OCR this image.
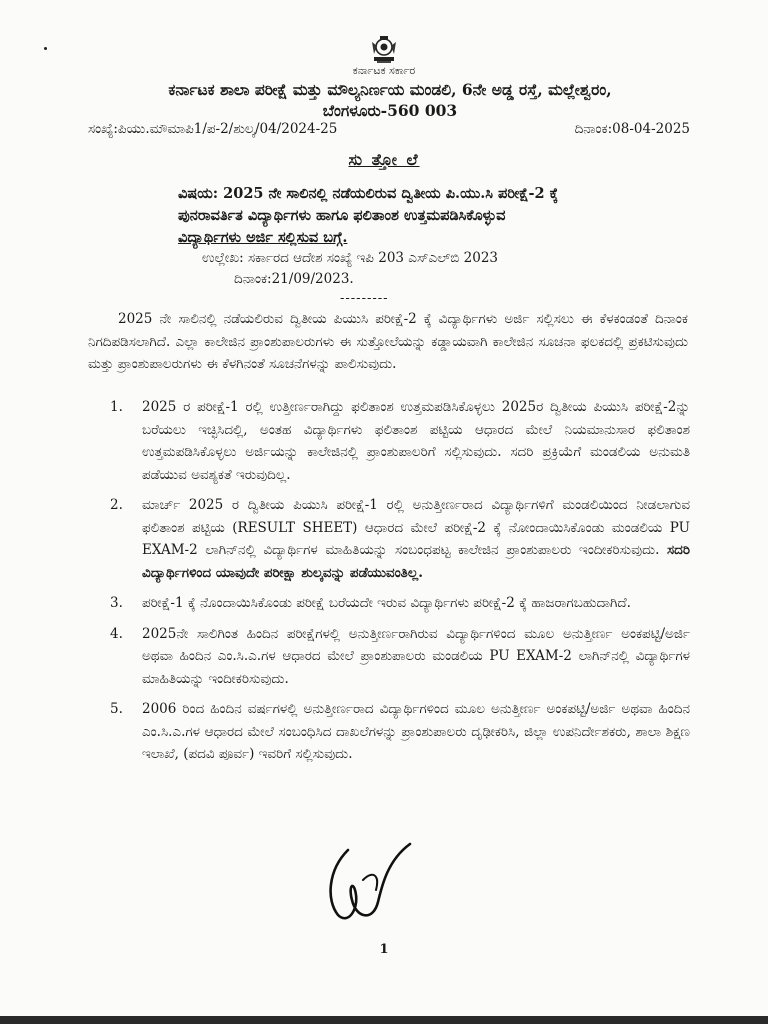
ಕರ್ನಾಟಕ ಸರ್ಕಾರ
ಕರ್ನಾಟಕ ಶಾಲಾ ಪರೀಕ್ಷೆ ಮತ್ತು ಮೌಲ್ಯನಿರ್ಣಯ ಮಂಡಲಿ, 6ನೇ ಅಡ್ಡ ರಸ್ತೆ, ಮಲ್ಲೇಶ್ವರಂ,
ಬೆಂಗಳೂರು-560 003
ಸಂಖ್ಯೆ:ಪಿಯು.ಮೌಮಾಪಿ1/ಪ-2/ಶುಲ್ಕ/04/2024-25	ದಿನಾಂಕ:08-04-2025
ಸು ತ್ತೋ ಲೆ
ವಿಷಯ: 2025 ನೇ ಸಾಲಿನಲ್ಲಿ ನಡೆಯಲಿರುವ ದ್ವಿತೀಯ ಪಿ.ಯು.ಸಿ ಪರೀಕ್ಷೆ-2 ಕ್ಕೆ
ಪುನರಾವರ್ತಿತ ವಿದ್ಯಾರ್ಥಿಗಳು ಹಾಗೂ ಫಲಿತಾಂಶ ಉತ್ತಮಪಡಿಸಿಕೊಳ್ಳುವ
ವಿದ್ಯಾರ್ಥಿಗಳು ಅರ್ಜಿ ಸಲ್ಲಿಸುವ ಬಗ್ಗೆ.
ಉಲ್ಲೇಖ: ಸರ್ಕಾರದ ಆದೇಶ ಸಂಖ್ಯೆ ಇಪಿ 203 ಎಸ್‌ಎಲ್‌ಬಿ 2023
ದಿನಾಂಕ:21/09/2023.
---------
2025 ನೇ ಸಾಲಿನಲ್ಲಿ ನಡೆಯಲಿರುವ ದ್ವಿತೀಯ ಪಿಯುಸಿ ಪರೀಕ್ಷೆ-2 ಕ್ಕೆ ವಿದ್ಯಾರ್ಥಿಗಳು ಅರ್ಜಿ ಸಲ್ಲಿಸಲು ಈ ಕೆಳಕಂಡಂತೆ ದಿನಾಂಕ ನಿಗದಿಪಡಿಸಲಾಗಿದೆ. ಎಲ್ಲಾ ಕಾಲೇಜಿನ ಪ್ರಾಂಶುಪಾಲರುಗಳು ಈ ಸುತ್ತೋಲೆಯನ್ನು ಕಡ್ಡಾಯವಾಗಿ ಕಾಲೇಜಿನ ಸೂಚನಾ ಫಲಕದಲ್ಲಿ ಪ್ರಕಟಿಸುವುದು ಮತ್ತು ಪ್ರಾಂಶುಪಾಲರುಗಳು ಈ ಕೆಳಗಿನಂತೆ ಸೂಚನೆಗಳನ್ನು ಪಾಲಿಸುವುದು.
1. 2025 ರ ಪರೀಕ್ಷೆ-1 ರಲ್ಲಿ ಉತ್ತೀರ್ಣರಾಗಿದ್ದು ಫಲಿತಾಂಶ ಉತ್ತಮಪಡಿಸಿಕೊಳ್ಳಲು 2025ರ ದ್ವಿತೀಯ ಪಿಯುಸಿ ಪರೀಕ್ಷೆ-2ನ್ನು ಬರೆಯಲು ಇಚ್ಛಿಸಿದಲ್ಲಿ, ಅಂತಹ ವಿದ್ಯಾರ್ಥಿಗಳು ಫಲಿತಾಂಶ ಪಟ್ಟಿಯ ಆಧಾರದ ಮೇಲೆ ನಿಯಮಾನುಸಾರ ಫಲಿತಾಂಶ ಉತ್ತಮಪಡಿಸಿಕೊಳ್ಳಲು ಅರ್ಜಿಯನ್ನು ಕಾಲೇಜಿನಲ್ಲಿ ಪ್ರಾಂಶುಪಾಲರಿಗೆ ಸಲ್ಲಿಸುವುದು. ಸದರಿ ಪ್ರಕ್ರಿಯೆಗೆ ಮಂಡಲಿಯ ಅನುಮತಿ ಪಡೆಯುವ ಅವಶ್ಯಕತೆ ಇರುವುದಿಲ್ಲ.
2. ಮಾರ್ಚ್ 2025 ರ ದ್ವಿತೀಯ ಪಿಯುಸಿ ಪರೀಕ್ಷೆ-1 ರಲ್ಲಿ ಅನುತ್ತೀರ್ಣರಾದ ವಿದ್ಯಾರ್ಥಿಗಳಿಗೆ ಮಂಡಲಿಯಿಂದ ನೀಡಲಾಗುವ ಫಲಿತಾಂಶ ಪಟ್ಟಿಯ (RESULT SHEET) ಆಧಾರದ ಮೇಲೆ ಪರೀಕ್ಷೆ-2 ಕ್ಕೆ ನೋಂದಾಯಿಸಿಕೊಂಡು ಮಂಡಲಿಯ PU EXAM-2 ಲಾಗಿನ್‌ನಲ್ಲಿ ವಿದ್ಯಾರ್ಥಿಗಳ ಮಾಹಿತಿಯನ್ನು ಸಂಬಂಧಪಟ್ಟ ಕಾಲೇಜಿನ ಪ್ರಾಂಶುಪಾಲರು ಇಂದೀಕರಿಸುವುದು. ಸದರಿ ವಿದ್ಯಾರ್ಥಿಗಳಿಂದ ಯಾವುದೇ ಪರೀಕ್ಷಾ ಶುಲ್ಕವನ್ನು ಪಡೆಯುವಂತಿಲ್ಲ.
3. ಪರೀಕ್ಷೆ-1 ಕ್ಕೆ ನೊಂದಾಯಿಸಿಕೊಂಡು ಪರೀಕ್ಷೆ ಬರೆಯದೇ ಇರುವ ವಿದ್ಯಾರ್ಥಿಗಳು ಪರೀಕ್ಷೆ-2 ಕ್ಕೆ ಹಾಜರಾಗಬಹುದಾಗಿದೆ.
4. 2025ನೇ ಸಾಲಿಗಿಂತ ಹಿಂದಿನ ಪರೀಕ್ಷೆಗಳಲ್ಲಿ ಅನುತ್ತೀರ್ಣರಾಗಿರುವ ವಿದ್ಯಾರ್ಥಿಗಳಿಂದ ಮೂಲ ಅನುತ್ತೀರ್ಣ ಅಂಕಪಟ್ಟಿ/ಅರ್ಜಿ ಅಥವಾ ಹಿಂದಿನ ಎಂ.ಸಿ.ಎ.ಗಳ ಆಧಾರದ ಮೇಲೆ ಪ್ರಾಂಶುಪಾಲರು ಮಂಡಲಿಯ PU EXAM-2 ಲಾಗಿನ್‌ನಲ್ಲಿ ವಿದ್ಯಾರ್ಥಿಗಳ ಮಾಹಿತಿಯನ್ನು ಇಂದೀಕರಿಸುವುದು.
5. 2006 ರಿಂದ ಹಿಂದಿನ ವರ್ಷಗಳಲ್ಲಿ ಅನುತ್ತೀರ್ಣರಾದ ವಿದ್ಯಾರ್ಥಿಗಳಿಂದ ಮೂಲ ಅನುತ್ತೀರ್ಣ ಅಂಕಪಟ್ಟಿ/ಅರ್ಜಿ ಅಥವಾ ಹಿಂದಿನ ಎಂ.ಸಿ.ಎ.ಗಳ ಆಧಾರದ ಮೇಲೆ ಸಂಬಂಧಿಸಿದ ದಾಖಲೆಗಳನ್ನು ಪ್ರಾಂಶುಪಾಲರು ದೃಢೀಕರಿಸಿ, ಜಿಲ್ಲಾ ಉಪನಿರ್ದೇಶಕರು, ಶಾಲಾ ಶಿಕ್ಷಣ ಇಲಾಖೆ, (ಪದವಿ ಪೂರ್ವ) ಇವರಿಗೆ ಸಲ್ಲಿಸುವುದು.
1
